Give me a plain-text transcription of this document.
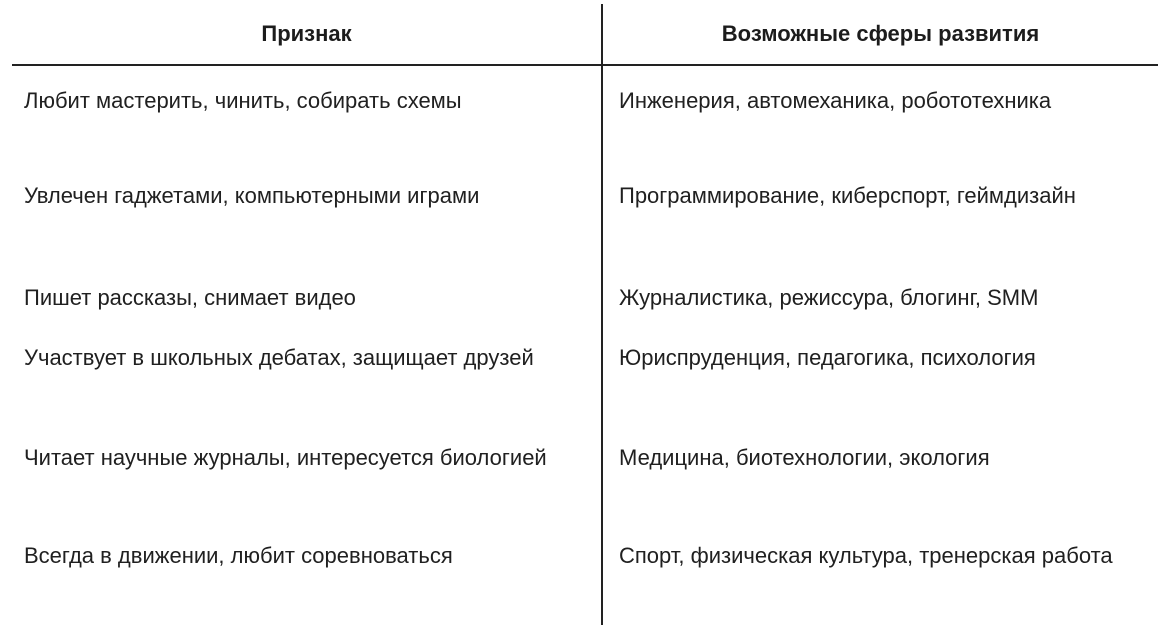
Признак	Возможные сферы развития
Любит мастерить, чинить, собирать схемы	Инженерия, автомеханика, робототехника
Увлечен гаджетами, компьютерными играми	Программирование, киберспорт, геймдизайн
Пишет рассказы, снимает видео	Журналистика, режиссура, блогинг, SMM
Участвует в школьных дебатах, защищает друзей	Юриспруденция, педагогика, психология
Читает научные журналы, интересуется биологией	Медицина, биотехнологии, экология
Всегда в движении, любит соревноваться	Спорт, физическая культура, тренерская работа
